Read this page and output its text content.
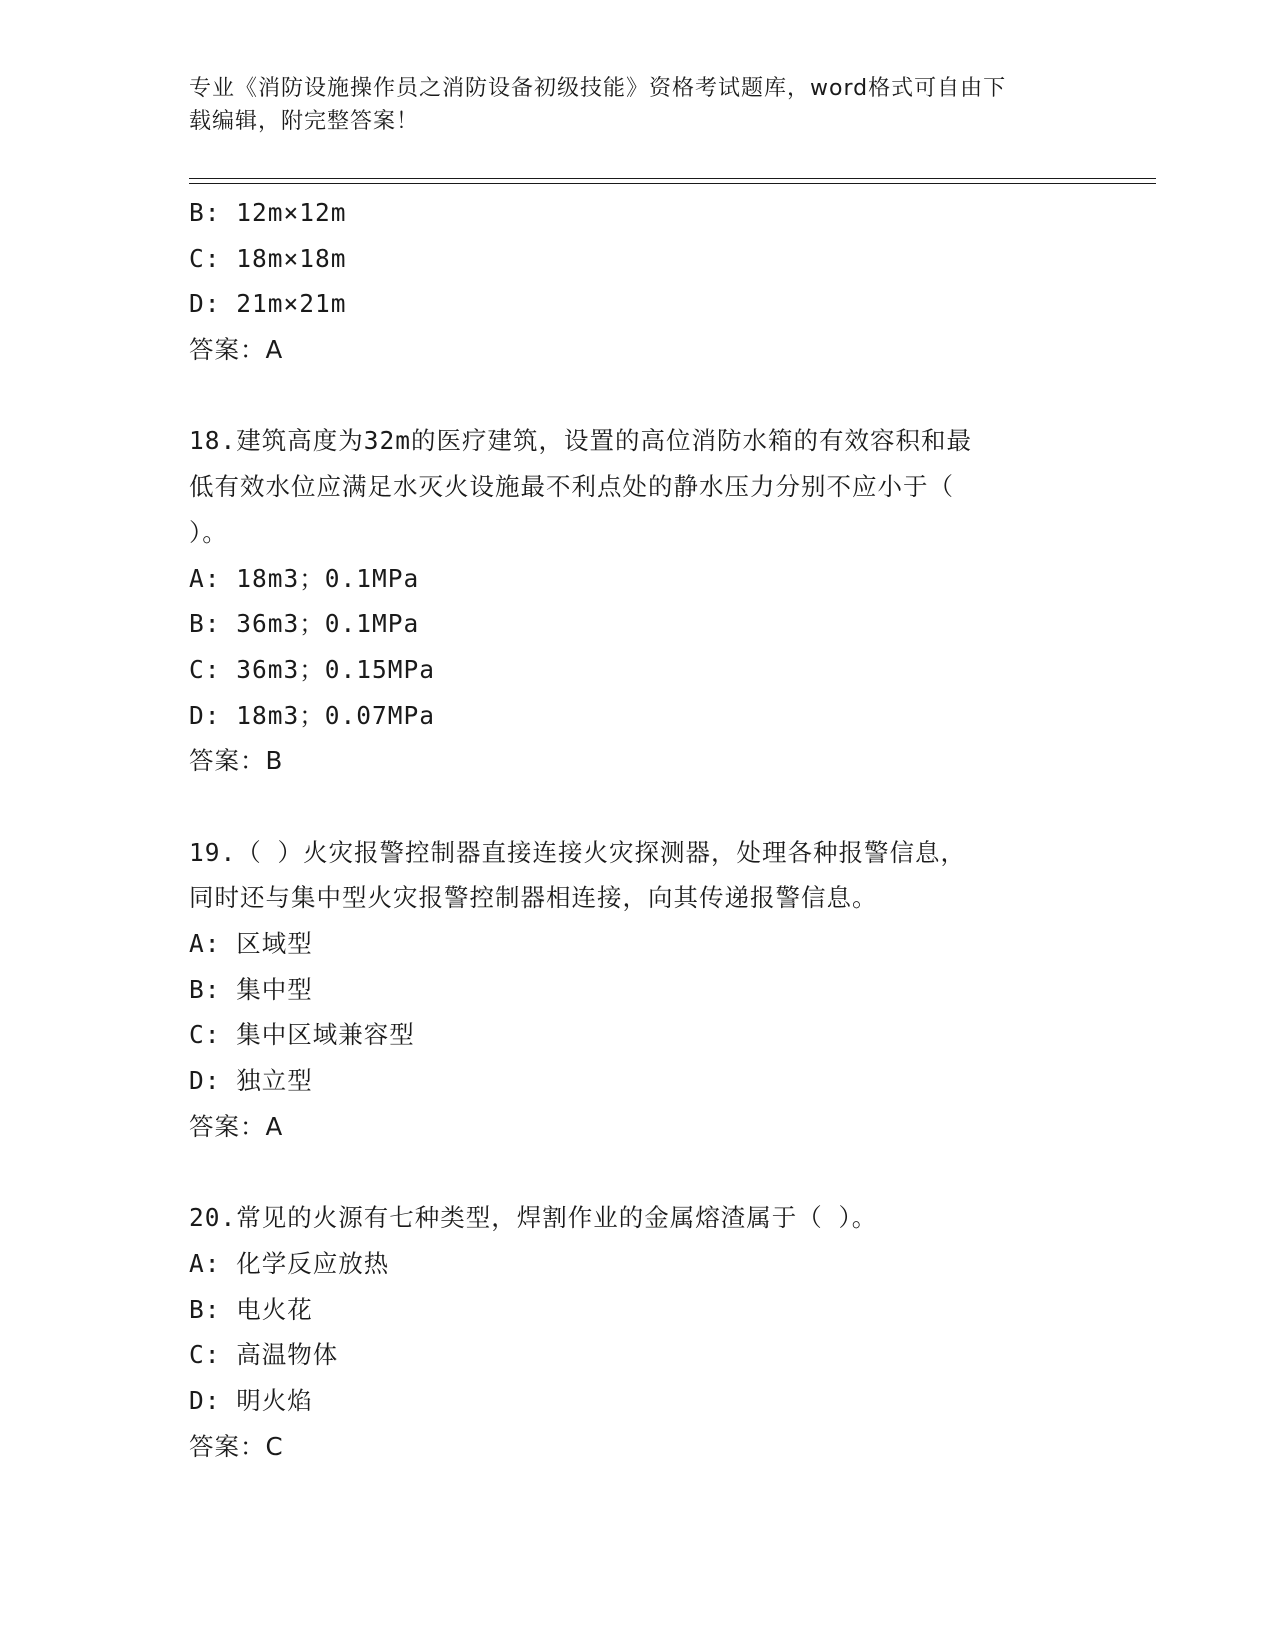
专业《消防设施操作员之消防设备初级技能》资格考试题库，word格式可自由下
载编辑，附完整答案！
B: 12m×12m
C: 18m×18m
D: 21m×21m
答案：A
18.建筑高度为32m的医疗建筑，设置的高位消防水箱的有效容积和最
低有效水位应满足水灭火设施最不利点处的静水压力分别不应小于（
）。
A: 18m3；0.1MPa
B: 36m3；0.1MPa
C: 36m3；0.15MPa
D: 18m3；0.07MPa
答案：B
19.（ ）火灾报警控制器直接连接火灾探测器，处理各种报警信息，
同时还与集中型火灾报警控制器相连接，向其传递报警信息。
A: 区域型
B: 集中型
C: 集中区域兼容型
D: 独立型
答案：A
20.常见的火源有七种类型，焊割作业的金属熔渣属于（ ）。
A: 化学反应放热
B: 电火花
C: 高温物体
D: 明火焰
答案：C
